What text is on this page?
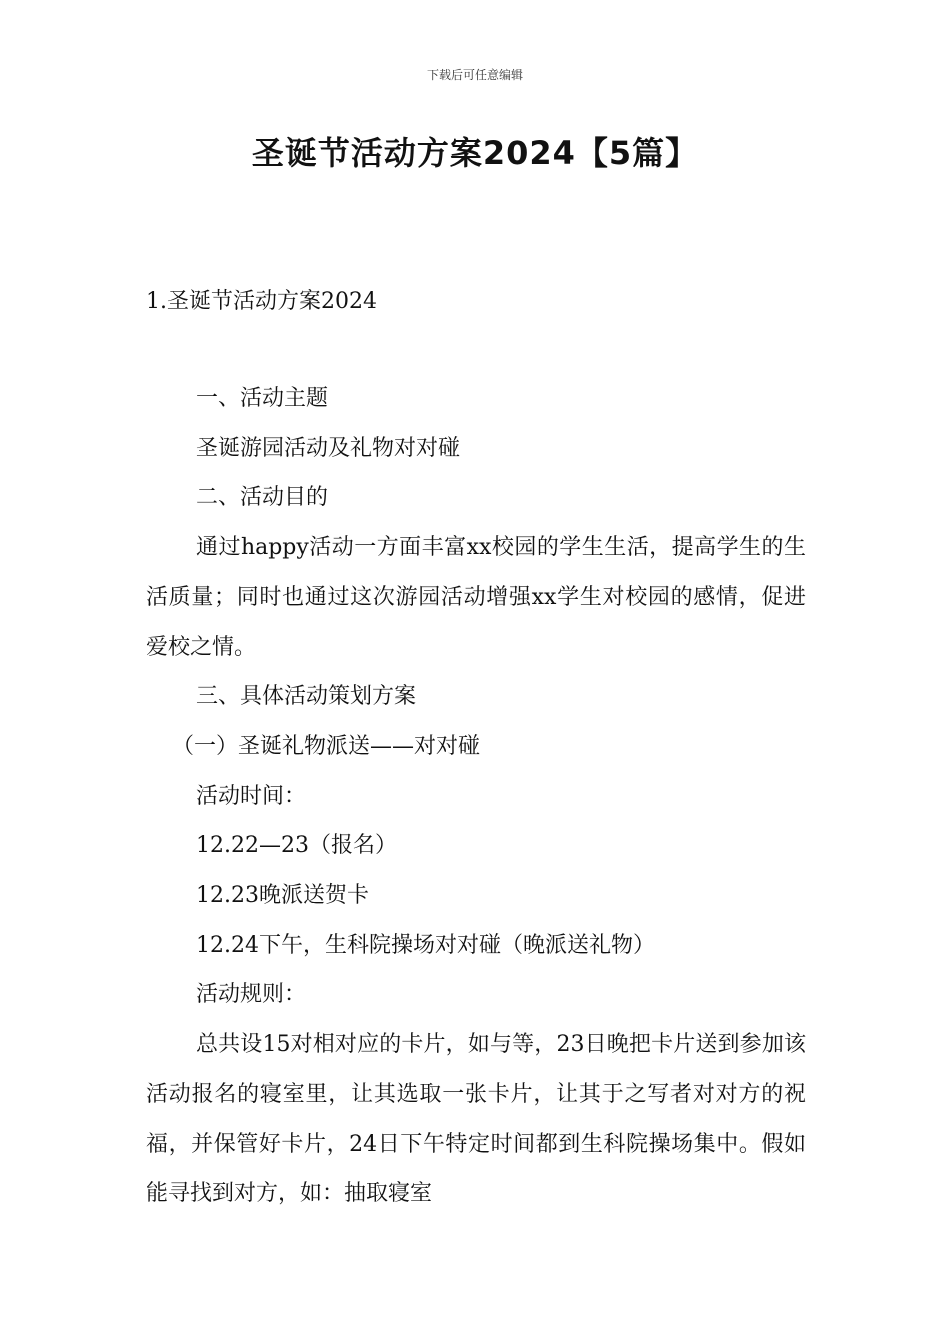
下载后可任意编辑
圣诞节活动方案2024【5篇】
1.圣诞节活动方案2024

一、活动主题

圣诞游园活动及礼物对对碰

二、活动目的

通过happy活动一方面丰富xx校园的学生生活，提高学生的生活质量；同时也通过这次游园活动增强xx学生对校园的感情，促进爱校之情。

三、具体活动策划方案

（一）圣诞礼物派送——对对碰

活动时间：

12.22—23（报名）

12.23晚派送贺卡

12.24下午，生科院操场对对碰（晚派送礼物）

活动规则：

总共设15对相对应的卡片，如与等，23日晚把卡片送到参加该活动报名的寝室里，让其选取一张卡片，让其于之写者对对方的祝福，并保管好卡片，24日下午特定时间都到生科院操场集中。假如能寻找到对方，如：抽取寝室
